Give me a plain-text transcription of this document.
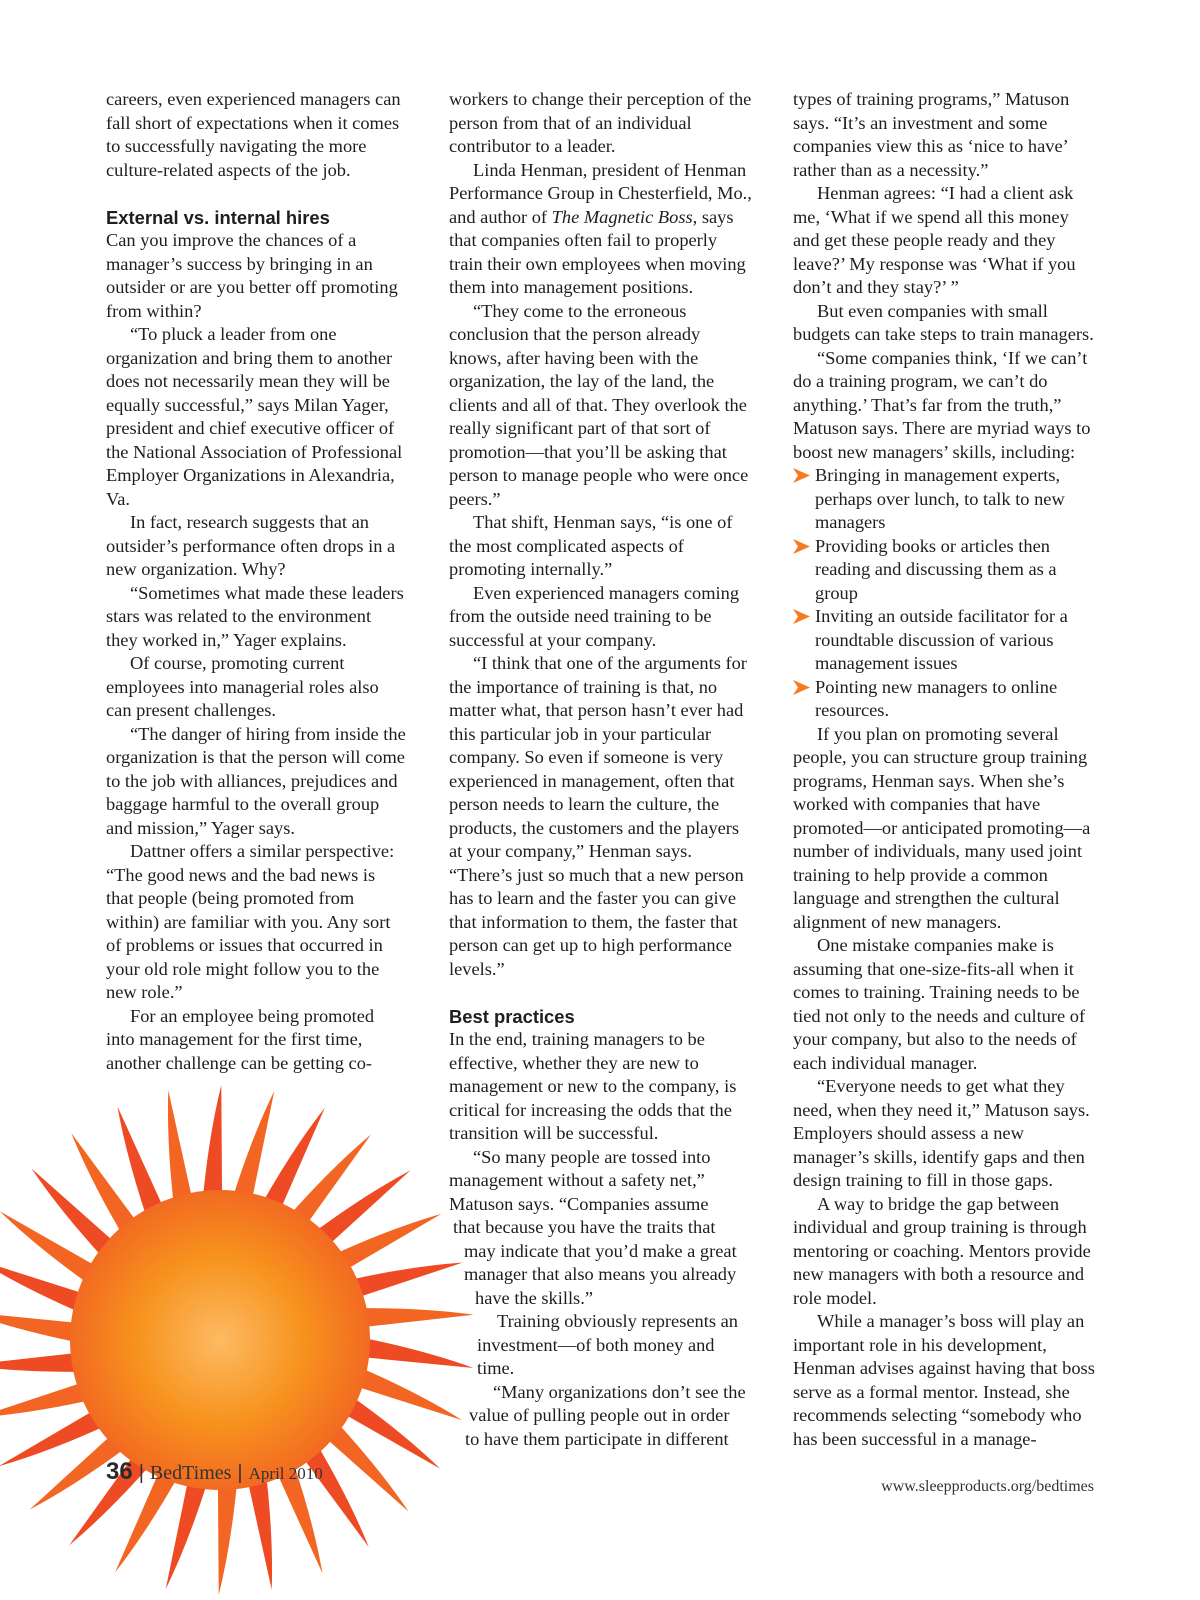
careers, even experienced managers can fall short of expectations when it comes to successfully navigating the more culture-related aspects of the job.

External vs. internal hires

Can you improve the chances of a manager’s success by bringing in an outsider or are you better off promoting from within?

“To pluck a leader from one organization and bring them to another does not necessarily mean they will be equally successful,” says Milan Yager, president and chief executive officer of the National Association of Professional Employer Organizations in Alexandria, Va.

In fact, research suggests that an outsider’s performance often drops in a new organization. Why?

“Sometimes what made these leaders stars was related to the environment they worked in,” Yager explains.

Of course, promoting current employees into managerial roles also can present challenges.

“The danger of hiring from inside the organization is that the person will come to the job with alliances, prejudices and baggage harmful to the overall group and mission,” Yager says.

Dattner offers a similar perspective: “The good news and the bad news is that people (being promoted from within) are familiar with you. Any sort of problems or issues that occurred in your old role might follow you to the new role.”

For an employee being promoted into management for the first time, another challenge can be getting co-

workers to change their perception of the person from that of an individual contributor to a leader.

Linda Henman, president of Henman Performance Group in Chesterfield, Mo., and author of The Magnetic Boss, says that companies often fail to properly train their own employees when moving them into management positions.

“They come to the erroneous conclusion that the person already knows, after having been with the organization, the lay of the land, the clients and all of that. They overlook the really significant part of that sort of promotion—that you’ll be asking that person to manage people who were once peers.”

That shift, Henman says, “is one of the most complicated aspects of promoting internally.”

Even experienced managers coming from the outside need training to be successful at your company.

“I think that one of the arguments for the importance of training is that, no matter what, that person hasn’t ever had this particular job in your particular company. So even if someone is very experienced in management, often that person needs to learn the culture, the products, the customers and the players at your company,” Henman says. “There’s just so much that a new person has to learn and the faster you can give that information to them, the faster that person can get up to high performance levels.”

Best practices

In the end, training managers to be effective, whether they are new to management or new to the company, is critical for increasing the odds that the transition will be successful.

“So many people are tossed into
management without a safety net,”
Matuson says. “Companies assume
that because you have the traits that
may indicate that you’d make a great
manager that also means you already
have the skills.”
Training obviously represents an
investment—of both money and
time.
“Many organizations don’t see the
value of pulling people out in order
to have them participate in different

types of training programs,” Matuson says. “It’s an investment and some companies view this as ‘nice to have’ rather than as a necessity.”

Henman agrees: “I had a client ask me, ‘What if we spend all this money and get these people ready and they leave?’ My response was ‘What if you don’t and they stay?’ ”

But even companies with small budgets can take steps to train managers.

“Some companies think, ‘If we can’t do a training program, we can’t do anything.’ That’s far from the truth,” Matuson says. There are myriad ways to boost new managers’ skills, including:

Bringing in management experts, perhaps over lunch, to talk to new managers
Providing books or articles then reading and discussing them as a group
Inviting an outside facilitator for a roundtable discussion of various management issues
Pointing new managers to online resources.

If you plan on promoting several people, you can structure group training programs, Henman says. When she’s worked with companies that have promoted—or anticipated promoting—a number of individuals, many used joint training to help provide a common language and strengthen the cultural alignment of new managers.

One mistake companies make is assuming that one-size-fits-all when it comes to training. Training needs to be tied not only to the needs and culture of your company, but also to the needs of each individual manager.

“Everyone needs to get what they need, when they need it,” Matuson says. Employers should assess a new manager’s skills, identify gaps and then design training to fill in those gaps.

A way to bridge the gap between individual and group training is through mentoring or coaching. Mentors provide new managers with both a resource and role model.

While a manager’s boss will play an important role in his development, Henman advises against having that boss serve as a formal mentor. Instead, she recommends selecting “somebody who has been successful in a manage-

36 | BedTimes | April 2010
www.sleepproducts.org/bedtimes
